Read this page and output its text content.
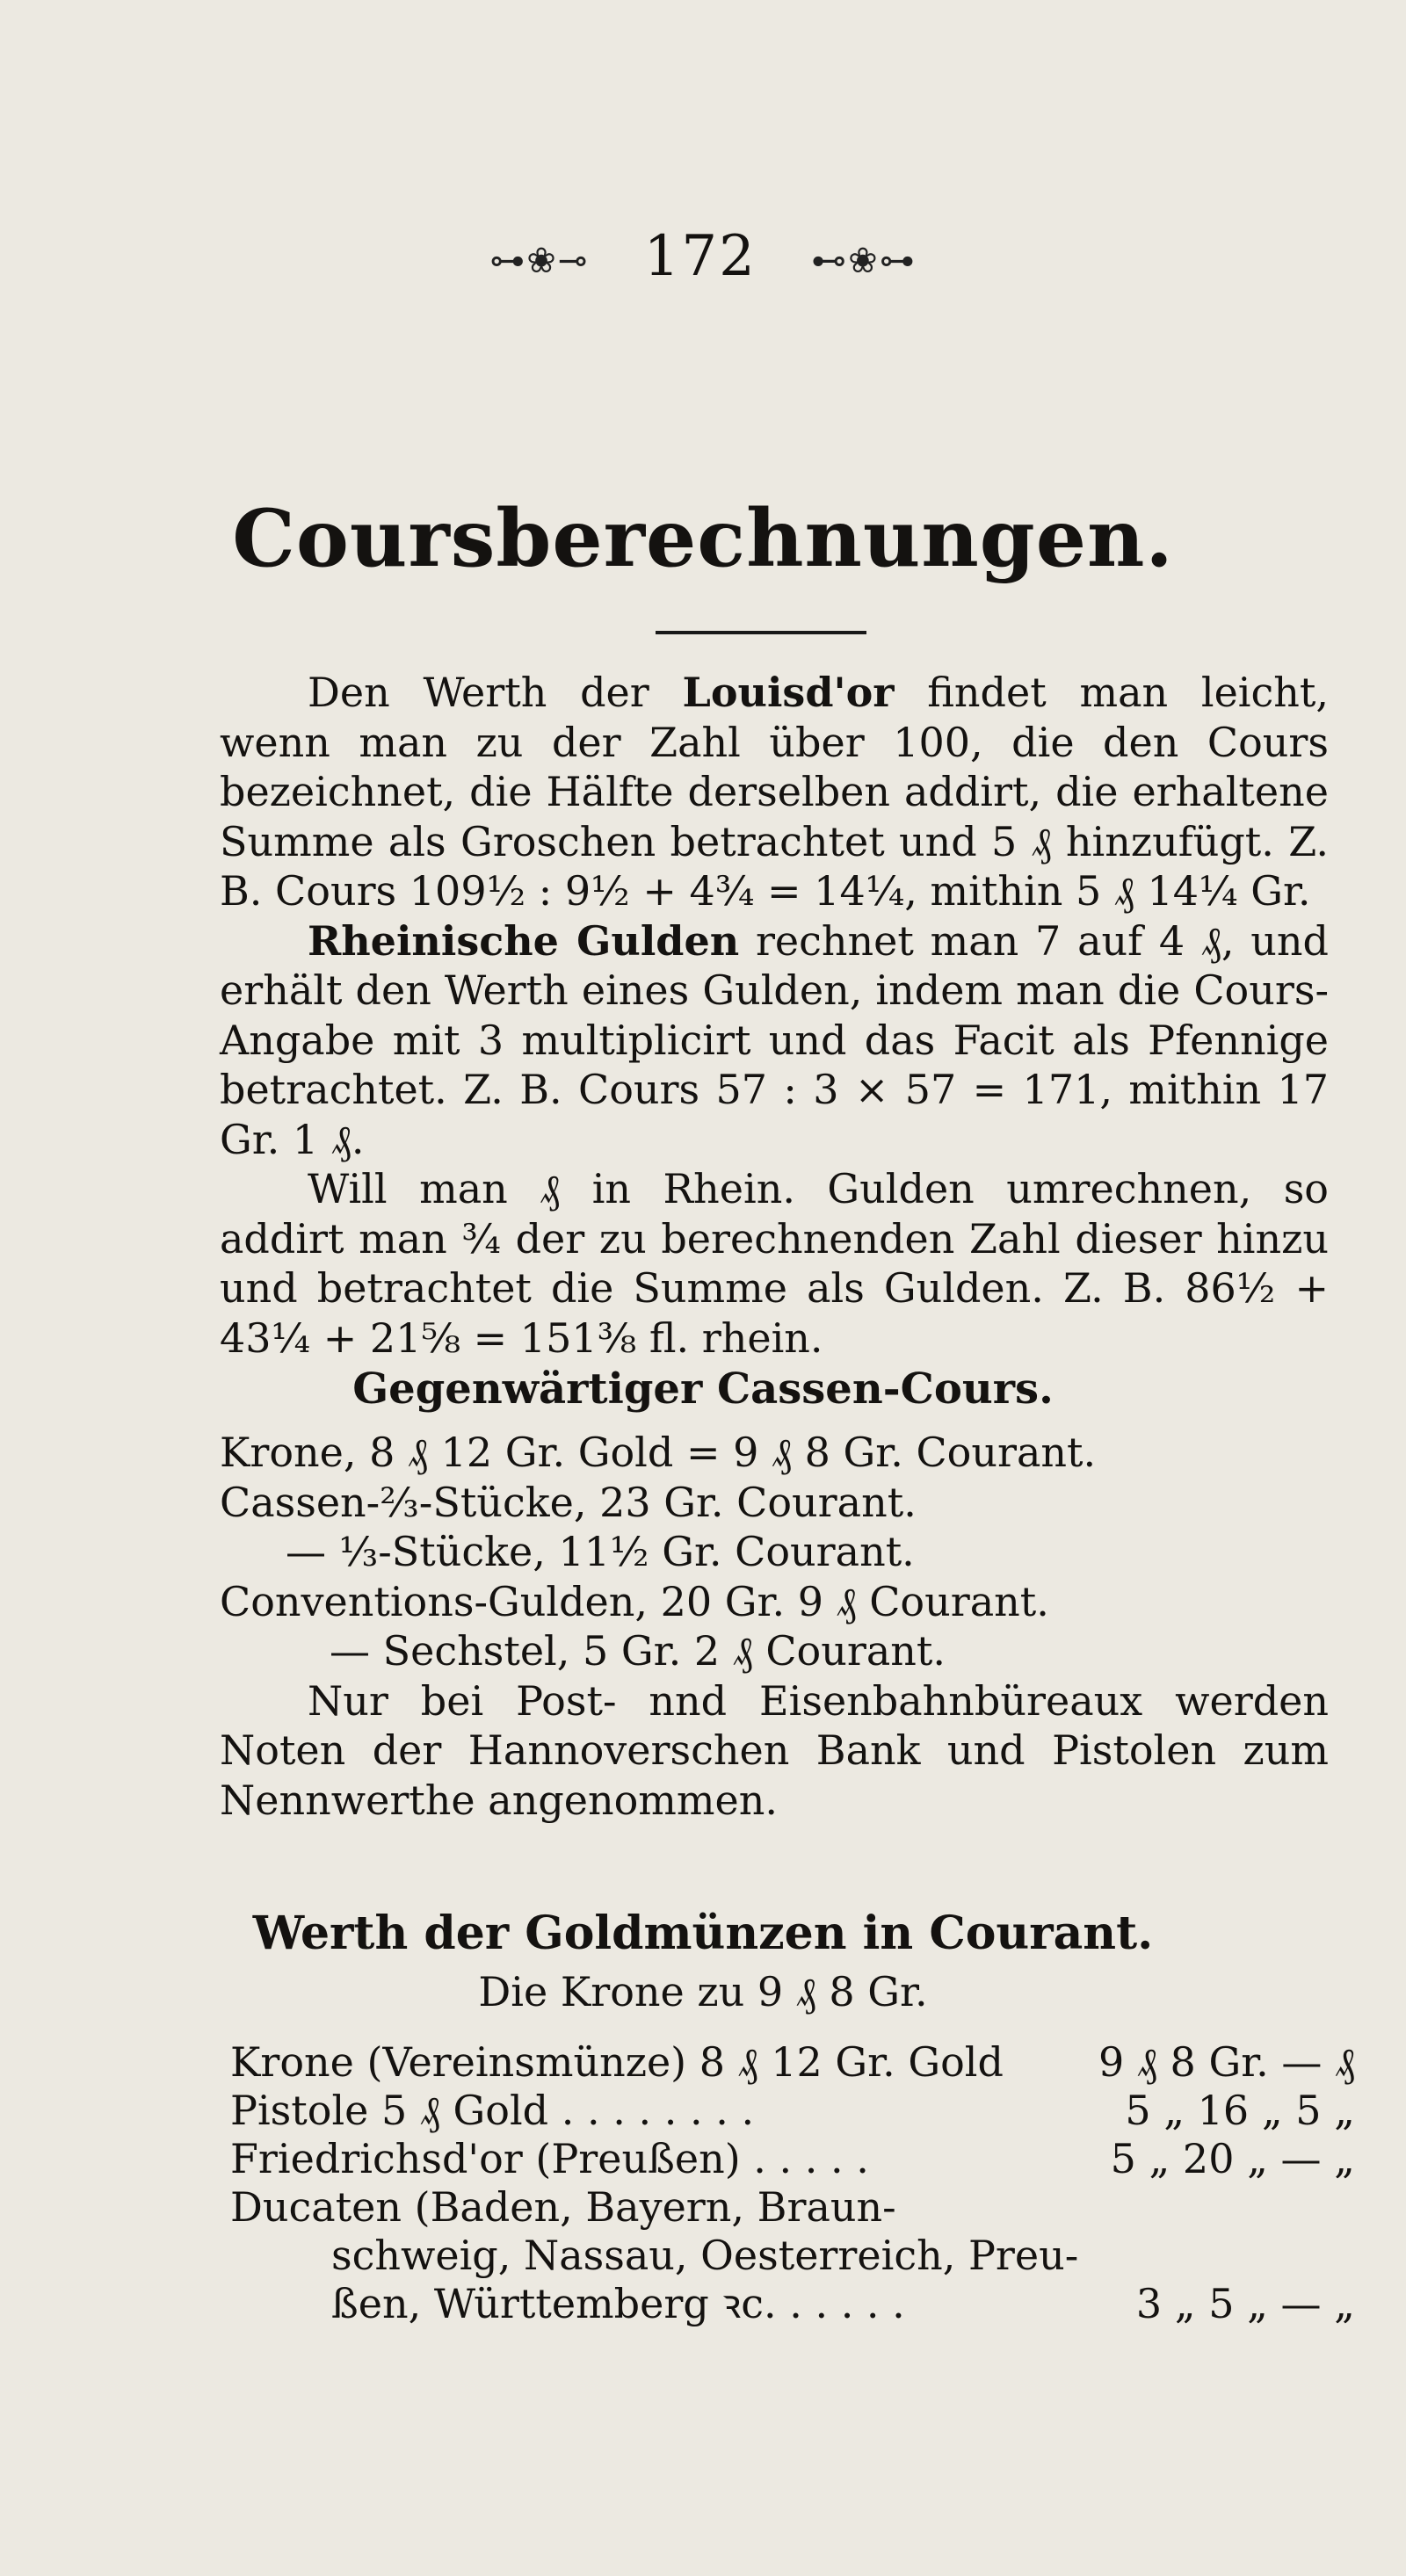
⊶❀⊸ 172 ⊷❀⊶
Coursberechnungen.

Den Werth der Louisd'or findet man leicht, wenn man zu der Zahl über 100, die den Cours bezeichnet, die Hälfte derselben addirt, die erhaltene Summe als Groschen betrachtet und 5 ₰ hinzufügt. Z. B. Cours 109½ : 9½ + 4¾ = 14¼, mithin 5 ₰ 14¼ Gr.

Rheinische Gulden rechnet man 7 auf 4 ₰, und erhält den Werth eines Gulden, indem man die Cours-Angabe mit 3 multiplicirt und das Facit als Pfennige betrachtet. Z. B. Cours 57 : 3 × 57 = 171, mithin 17 Gr. 1 ₰.

Will man ₰ in Rhein. Gulden umrechnen, so addirt man ¾ der zu berechnenden Zahl dieser hinzu und betrachtet die Summe als Gulden. Z. B. 86½ + 43¼ + 21⅝ = 151⅜ fl. rhein.

Gegenwärtiger Cassen-Cours.
Krone, 8 ₰ 12 Gr. Gold = 9 ₰ 8 Gr. Courant.
Cassen-⅔-Stücke, 23 Gr. Courant.
— ⅓-Stücke, 11½ Gr. Courant.
Conventions-Gulden, 20 Gr. 9 ₰ Courant.
— Sechstel, 5 Gr. 2 ₰ Courant.

Nur bei Post- nnd Eisenbahnbüreaux werden Noten der Hannoverschen Bank und Pistolen zum Nennwerthe angenommen.

Werth der Goldmünzen in Courant.
Die Krone zu 9 ₰ 8 Gr.
Krone (Vereinsmünze) 8 ₰ 12 Gr. Gold 9 ₰ 8 Gr. — ₰
Pistole 5 ₰ Gold . . . . . . . .	5 „ 16 „ 5 „
Friedrichsd'or (Preußen) . . . . .	5 „ 20 „ — „
Ducaten (Baden, Bayern, Braun-
schweig, Nassau, Oesterreich, Preu-
ßen, Württemberg ꝛc. . . . . .	3 „ 5 „ — „
